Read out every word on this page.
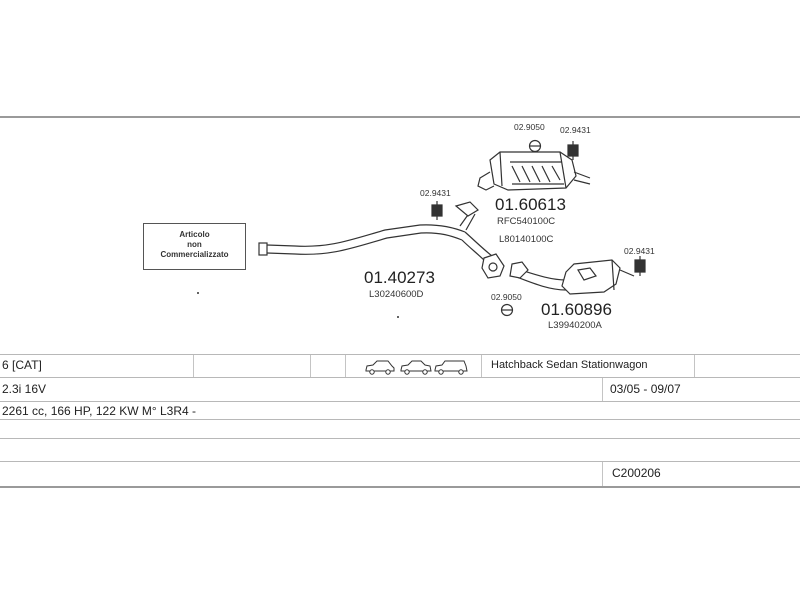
Articolo
non
Commercializzato
02.9050 02.9431
02.9431
02.9431
02.9050
01.60613
RFC540100C
L80140100C
01.40273
L30240600D
01.60896
L39940200A
6 [CAT]	Hatchback Sedan Stationwagon
2.3i 16V	03/05 - 09/07
2261 cc, 166 HP, 122 KW M° L3R4 -
C200206
